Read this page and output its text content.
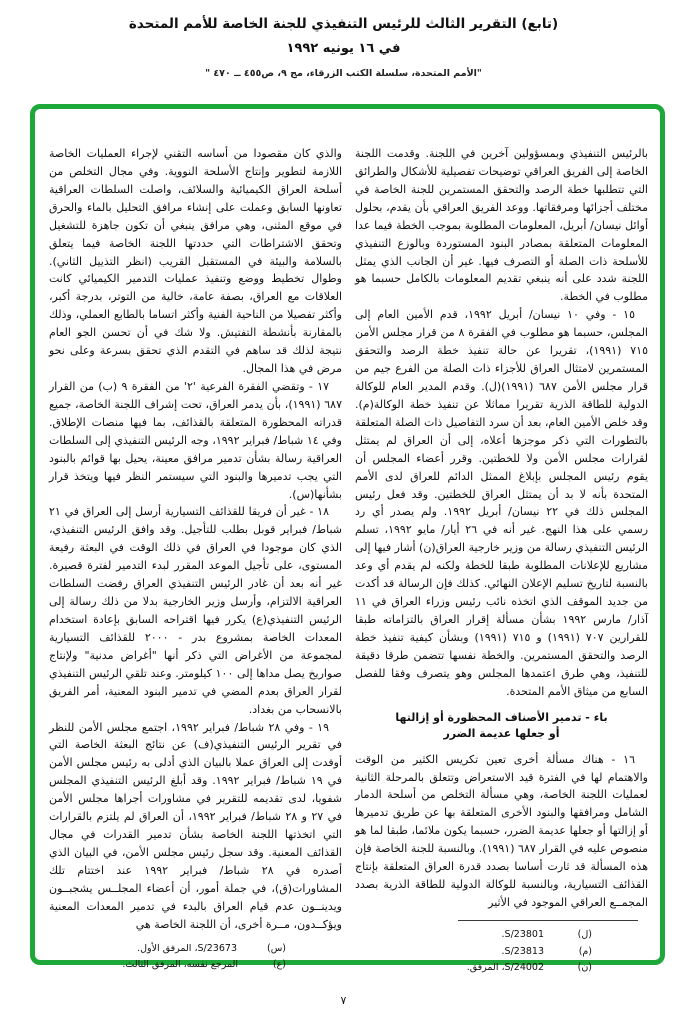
(تابع) التقرير الثالث للرئيس التنفيذي للجنة الخاصة للأمم المتحدة
في ١٦ يونيه ١٩٩٢
"الأمم المتحدة، سلسلة الكتب الزرقاء، مج ٩، ص٤٥٥ ــ ٤٧٠ "

بالرئيس التنفيذي وبمسؤولين آخرين في اللجنة. وقدمت اللجنة الخاصة إلى الفريق العراقي توضيحات تفصيلية للأشكال والطرائق التي تتطلبها خطة الرصد والتحقق المستمرين للجنة الخاصة في مختلف أجزائها ومرفقاتها. ووعد الفريق العراقي بأن يقدم، بحلول أوائل نيسان/ أبريل، المعلومات المطلوبة بموجب الخطة فيما عدا المعلومات المتعلقة بمصادر البنود المستوردة وبالوزع التنفيذي للأسلحة ذات الصلة أو التصرف فيها. غير أن الجانب الذي يمثل اللجنة شدد على أنه ينبغي تقديم المعلومات بالكامل حسبما هو مطلوب في الخطة.

١٥ - وفي ١٠ نيسان/ أبريل ١٩٩٢، قدم الأمين العام إلى المجلس، حسبما هو مطلوب في الفقرة ٨ من قرار مجلس الأمن ٧١٥ (١٩٩١)، تقريرا عن حالة تنفيذ خطة الرصد والتحقق المستمرين لامتثال العراق للأجزاء ذات الصلة من الفرع جيم من قرار مجلس الأمن ٦٨٧ (١٩٩١)(ل). وقدم المدير العام للوكالة الدولية للطاقة الذرية تقريرا مماثلا عن تنفيذ خطة الوكالة(م). وقد خلص الأمين العام، بعد أن سرد التفاصيل ذات الصلة المتعلقة بالتطورات التي ذكر موجزها أعلاه، إلى أن العراق لم يمتثل لقرارات مجلس الأمن ولا للخطتين. وقرر أعضاء المجلس أن يقوم رئيس المجلس بإبلاغ الممثل الدائم للعراق لدى الأمم المتحدة بأنه لا بد أن يمتثل العراق للخطتين. وقد فعل رئيس المجلس ذلك في ٢٢ نيسان/ أبريل ١٩٩٢. ولم يصدر أي رد رسمي على هذا النهج. غير أنه في ٢٦ أيار/ مايو ١٩٩٢، تسلم الرئيس التنفيذي رسالة من وزير خارجية العراق(ن) أشار فيها إلى مشاريع للإعلانات المطلوبة طبقا للخطة ولكنه لم يقدم أي وعد بالنسبة لتاريخ تسليم الإعلان النهائي. كذلك فإن الرسالة قد أكدت من جديد الموقف الذي اتخذه نائب رئيس وزراء العراق في ١١ آذار/ مارس ١٩٩٢ بشأن مسألة إقرار العراق بالتزاماته طبقا للقرارين ٧٠٧ (١٩٩١) و ٧١٥ (١٩٩١) وبشأن كيفية تنفيذ خطة الرصد والتحقق المستمرين. والخطة نفسها تتضمن طرقا دقيقة للتنفيذ، وهي طرق اعتمدها المجلس وهو يتصرف وفقا للفصل السابع من ميثاق الأمم المتحدة.

باء - تدمير الأصناف المحظورة أو إزالتها
أو جعلها عديمة الضرر

١٦ - هناك مسألة أخرى تعين تكريس الكثير من الوقت والاهتمام لها في الفترة قيد الاستعراض وتتعلق بالمرحلة الثانية لعمليات اللجنة الخاصة، وهي مسألة التخلص من أسلحة الدمار الشامل ومرافقها والبنود الأخرى المتعلقة بها عن طريق تدميرها أو إزالتها أو جعلها عديمة الضرر، حسبما يكون ملائما، طبقا لما هو منصوص عليه في القرار ٦٨٧ (١٩٩١). وبالنسبة للجنة الخاصة فإن هذه المسألة قد ثارت أساسا بصدد قدرة العراق المتعلقة بإنتاج القذائف التسيارية، وبالنسبة للوكالة الدولية للطاقة الذرية بصدد المجمــع العراقي الموجود في الأثير

(ل)
S/23801.
(م)
S/23813.
(ن)
S/24002، المرفق.

والذي كان مقصودا من أساسه التقني لإجراء العمليات الخاصة اللازمة لتطوير وإنتاج الأسلحة النووية. وفي مجال التخلص من أسلحة العراق الكيميائية والسلائف، واصلت السلطات العراقية تعاونها السابق وعملت على إنشاء مرافق التحليل بالماء والحرق في موقع المثنى، وهي مرافق ينبغي أن تكون جاهزة للتشغيل وتحقق الاشتراطات التي حددتها اللجنة الخاصة فيما يتعلق بالسلامة والبيئة في المستقبل القريب (انظر التذييل الثاني). وطوال تخطيط ووضع وتنفيذ عمليات التدمير الكيميائي كانت العلاقات مع العراق، بصفة عامة، خالية من التوتر، بدرجة أكبر، وأكثر تفصيلا من الناحية الفنية وأكثر اتساما بالطابع العملي، وذلك بالمقارنة بأنشطة التفتيش. ولا شك في أن تحسن الجو العام نتيجة لذلك قد ساهم في التقدم الذي تحقق بسرعة وعلى نحو مرض في هذا المجال.

١٧ - وتقضي الفقرة الفرعية '٢' من الفقرة ٩ (ب) من القرار ٦٨٧ (١٩٩١)، بأن يدمر العراق، تحت إشراف اللجنة الخاصة، جميع قدراته المحظورة المتعلقة بالقذائف، بما فيها منصات الإطلاق. وفي ١٤ شباط/ فبراير ١٩٩٢، وجه الرئيس التنفيذي إلى السلطات العراقية رسالة بشأن تدمير مرافق معينة، يحيل بها قوائم بالبنود التي يجب تدميرها والبنود التي سيستمر النظر فيها ويتخذ قرار بشأنها(س).

١٨ - غير أن فريقا للقذائف التسيارية أرسل إلى العراق في ٢١ شباط/ فبراير قوبل بطلب للتأجيل. وقد وافق الرئيس التنفيذي، الذي كان موجودا في العراق في ذلك الوقت في البعثة رفيعة المستوى، على تأجيل الموعد المقرر لبدء التدمير لفترة قصيرة. غير أنه بعد أن غادر الرئيس التنفيذي العراق رفضت السلطات العراقية الالتزام، وأرسل وزير الخارجية بدلا من ذلك رسالة إلى الرئيس التنفيذي(ع) يكرر فيها اقتراحه السابق بإعادة استخدام المعدات الخاصة بمشروع بدر - ٢٠٠٠ للقذائف التسيارية لمجموعة من الأغراض التي ذكر أنها "أغراض مدنية" ولإنتاج صواريخ يصل مداها إلى ١٠٠ كيلومتر. وعند تلقي الرئيس التنفيذي لقرار العراق بعدم المضي في تدمير البنود المعنية، أمر الفريق بالانسحاب من بغداد.

١٩ - وفي ٢٨ شباط/ فبراير ١٩٩٢، اجتمع مجلس الأمن للنظر في تقرير الرئيس التنفيذي(ف) عن نتائج البعثة الخاصة التي أوفدت إلى العراق عملا بالبيان الذي أدلى به رئيس مجلس الأمن في ١٩ شباط/ فبراير ١٩٩٢. وقد أبلغ الرئيس التنفيذي المجلس شفويا، لدى تقديمه للتقرير في مشاورات أجراها مجلس الأمن في ٢٧ و ٢٨ شباط/ فبراير ١٩٩٢، أن العراق لم يلتزم بالقرارات التي اتخذتها اللجنة الخاصة بشأن تدمير القدرات في مجال القذائف المعنية. وقد سجل رئيس مجلس الأمن، في البيان الذي أصدره في ٢٨ شباط/ فبراير ١٩٩٢ عند اختتام تلك المشاورات(ق)، في جملة أمور، أن أعضاء المجلــس يشجبــون ويدينــون عدم قيام العراق بالبدء في تدمير المعدات المعنية ويؤكــدون، مــرة أخرى، أن اللجنة الخاصة هي

(س)
S/23673، المرفق الأول.
(ع)
المرجع نفسه، المرفق الثالث.
٧
